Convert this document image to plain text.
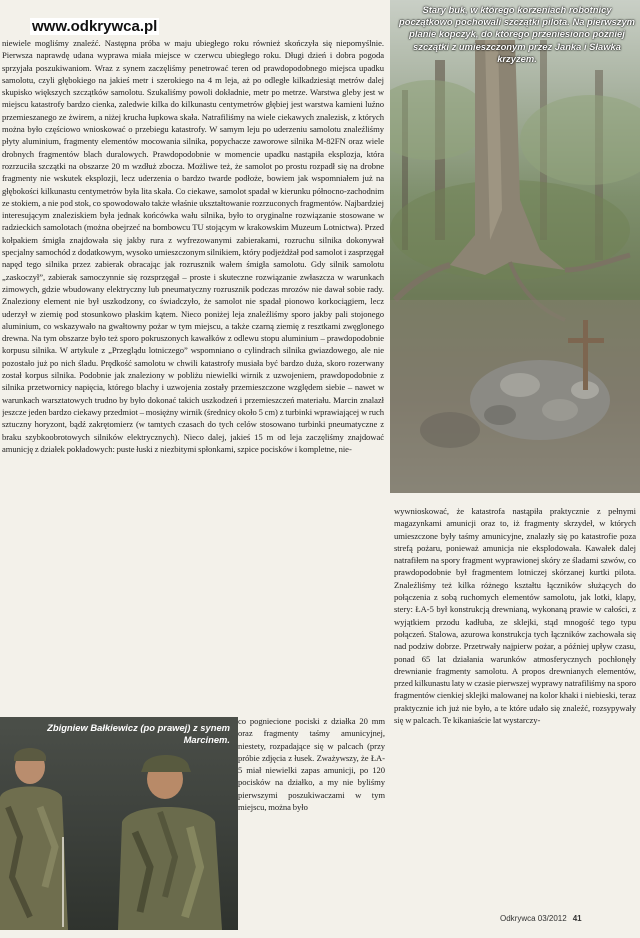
niewiele mogliśmy znaleźć. Następna próba w maju ubiegłego roku również skończyła się niepomyślnie. Pierwsza naprawdę udana wyprawa miała miejsce w czerwcu ubiegłego roku. Długi dzień i dobra pogoda sprzyjała poszukiwaniom. Wraz z synem zaczęliśmy penetrować teren od prawdopodobnego miejsca upadku samolotu, czyli głębokiego na jakieś metr i szerokiego na 4 m leja, aż po odległe kilkadziesiąt metrów dalej skupisko większych szczątków samolotu. Szukaliśmy powoli dokładnie, metr po metrze. Warstwa gleby jest w miejscu katastrofy bardzo cienka, zaledwie kilka do kilkunastu centymetrów głębiej jest warstwa kamieni luźno przemieszanego ze żwirem, a niżej krucha łupkowa skała. Natrafiliśmy na wiele ciekawych znalezisk, z których można było częściowo wnioskować o przebiegu katastrofy. W samym leju po uderzeniu samolotu znaleźliśmy płyty aluminium, fragmenty elementów mocowania silnika, popychacze zaworowe silnika M-82FN oraz wiele drobnych fragmentów blach duralowych. Prawdopodobnie w momencie upadku nastąpiła eksplozja, która rozrzuciła szczątki na obszarze 20 m wzdłuż zbocza. Możliwe też, że samolot po prostu rozpadł się na drobne fragmenty nie wskutek eksplozji, lecz uderzenia o bardzo twarde podłoże, bowiem jak wspomniałem już na głębokości kilkunastu centymetrów była lita skała. Co ciekawe, samolot spadał w kierunku północno-zachodnim ze stokiem, a nie pod stok, co spowodowało także właśnie ukształtowanie rozrzuconych fragmentów. Najbardziej interesującym znaleziskiem była jednak końcówka wału silnika, było to oryginalne rozwiązanie stosowane w radzieckich samolotach (można obejrzeć na bombowcu TU stojącym w krakowskim Muzeum Lotnictwa). Przed kołpakiem śmigła znajdowała się jakby rura z wyfrezowanymi zabierakami, rozruchu silnika dokonywał specjalny samochód z dodatkowym, wysoko umieszczonym silnikiem, który podjeżdżał pod samolot i zasprzęgał napęd tego silnika przez zabierak obracając jak rozrusznik wałem śmigła samolotu. Gdy silnik samolotu „zaskoczył”, zabierak samoczynnie się rozsprzęgał – proste i skuteczne rozwiązanie zwłaszcza w warunkach zimowych, gdzie wbudowany elektryczny lub pneumatyczny rozrusznik podczas mrozów nie dawał sobie rady. Znaleziony element nie był uszkodzony, co świadczyło, że samolot nie spadał pionowo korkociągiem, lecz uderzył w ziemię pod stosunkowo płaskim kątem. Nieco poniżej leja znaleźliśmy sporo jakby pali stojonego aluminium, co wskazywało na gwałtowny pożar w tym miejscu, a także czarną ziemię z resztkami zwęglonego drewna. Na tym obszarze było też sporo pokruszonych kawałków z odlewu stopu aluminium – prawdopodobnie korpusu silnika. W artykule z „Przeglądu lotniczego” wspomniano o cylindrach silnika gwiazdowego, ale nie pozostało już po nich śladu. Prędkość samolotu w chwili katastrofy musiała być bardzo duża, skoro rozerwany został korpus silnika. Podobnie jak znaleziony w pobliżu niewielki wirnik z uzwojeniem, prawdopodobnie z silnika przetwornicy napięcia, którego blachy i uzwojenia zostały przemieszczone względem siebie – nawet w warunkach warsztatowych trudno by było dokonać takich uszkodzeń i przemieszczeń materiału. Marcin znalazł jeszcze jeden bardzo ciekawy przedmiot – mosiężny wirnik (średnicy około 5 cm) z turbinki wprawiającej w ruch sztuczny horyzont, bądź zakrętomierz (w tamtych czasach do tych celów stosowano turbinki pneumatyczne z braku szybkoobrotowych silników elektrycznych). Nieco dalej, jakieś 15 m od leja zaczęliśmy znajdować amunicję z działek pokładowych: puste łuski z niezbitymi spłonkami, szpice pocisków i kompletne, nie-
Stary buk, w którego korzeniach robotnicy początkowo pochowali szczątki pilota. Na pierwszym planie kopczyk, do którego przeniesiono później szczątki z umieszczonym przez Janka i Sławka krzyżem.
wywnioskować, że katastrofa nastąpiła praktycznie z pełnymi magazynkami amunicji oraz to, iż fragmenty skrzydeł, w których umieszczone były taśmy amunicyjne, znalazły się po katastrofie poza strefą pożaru, ponieważ amunicja nie eksplodowała. Kawałek dalej natrafiłem na spory fragment wyprawionej skóry ze śladami szwów, co prawdopodobnie był fragmentem lotniczej skórzanej kurtki pilota. Znaleźliśmy też kilka różnego kształtu łączników służących do połączenia z sobą ruchomych elementów samolotu, jak lotki, klapy, stery: ŁA-5 był konstrukcją drewnianą, wykonaną prawie w całości, z wyjątkiem przodu kadłuba, ze sklejki, stąd mnogość tego typu połączeń. Stalowa, azurowa konstrukcja tych łączników zachowała się nad podziw dobrze. Przetrwały najpierw pożar, a później upływ czasu, ponad 65 lat działania warunków atmosferycznych pochłonęły drewnianie fragmenty samolotu. A propos drewnianych elementów, przed kilkunastu laty w czasie pierwszej wyprawy natrafiliśmy na sporo fragmentów cienkiej sklejki malowanej na kolor khaki i niebieski, teraz praktycznie ich już nie było, a te które udało się znaleźć, rozsypywały się w palcach. Te kikaniaście lat wystarczy-
Zbigniew Bałkiewicz (po prawej) z synem Marcinem.
co pogniecione pociski z działka 20 mm oraz fragmenty taśmy amunicyjnej, niestety, rozpadające się w palcach (przy próbie zdjęcia z łusek. Zważywszy, że ŁA-5 miał niewielki zapas amunicji, po 120 pocisków na działko, a my nie byliśmy pierwszymi poszukiwaczami w tym miejscu, można było
Odkrywca 03/2012 41
www.odkrywca.pl
